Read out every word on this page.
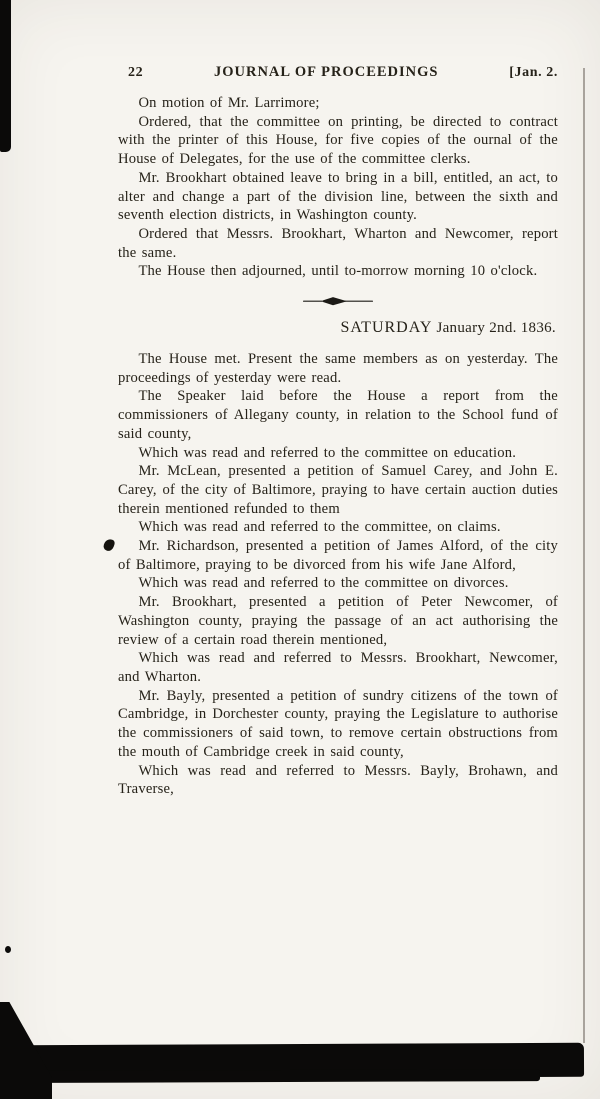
22	JOURNAL OF PROCEEDINGS	[Jan. 2.

On motion of Mr. Larrimore;

Ordered, that the committee on printing, be directed to contract with the printer of this House, for five copies of the ournal of the House of Delegates, for the use of the committee clerks.

Mr. Brookhart obtained leave to bring in a bill, entitled, an act, to alter and change a part of the division line, between the sixth and seventh election districts, in Washington county.

Ordered that Messrs. Brookhart, Wharton and Newcomer, report the same.

The House then adjourned, until to-morrow morning 10 o'clock.

SATURDAY January 2nd. 1836.

The House met. Present the same members as on yesterday. The proceedings of yesterday were read.

The Speaker laid before the House a report from the commissioners of Allegany county, in relation to the School fund of said county,

Which was read and referred to the committee on education.

Mr. McLean, presented a petition of Samuel Carey, and John E. Carey, of the city of Baltimore, praying to have certain auction duties therein mentioned refunded to them

Which was read and referred to the committee, on claims.

Mr. Richardson, presented a petition of James Alford, of the city of Baltimore, praying to be divorced from his wife Jane Alford,

Which was read and referred to the committee on divorces.

Mr. Brookhart, presented a petition of Peter Newcomer, of Washington county, praying the passage of an act authorising the review of a certain road therein mentioned,

Which was read and referred to Messrs. Brookhart, Newcomer, and Wharton.

Mr. Bayly, presented a petition of sundry citizens of the town of Cambridge, in Dorchester county, praying the Legislature to authorise the commissioners of said town, to remove certain obstructions from the mouth of Cambridge creek in said county,

Which was read and referred to Messrs. Bayly, Brohawn, and Traverse,
